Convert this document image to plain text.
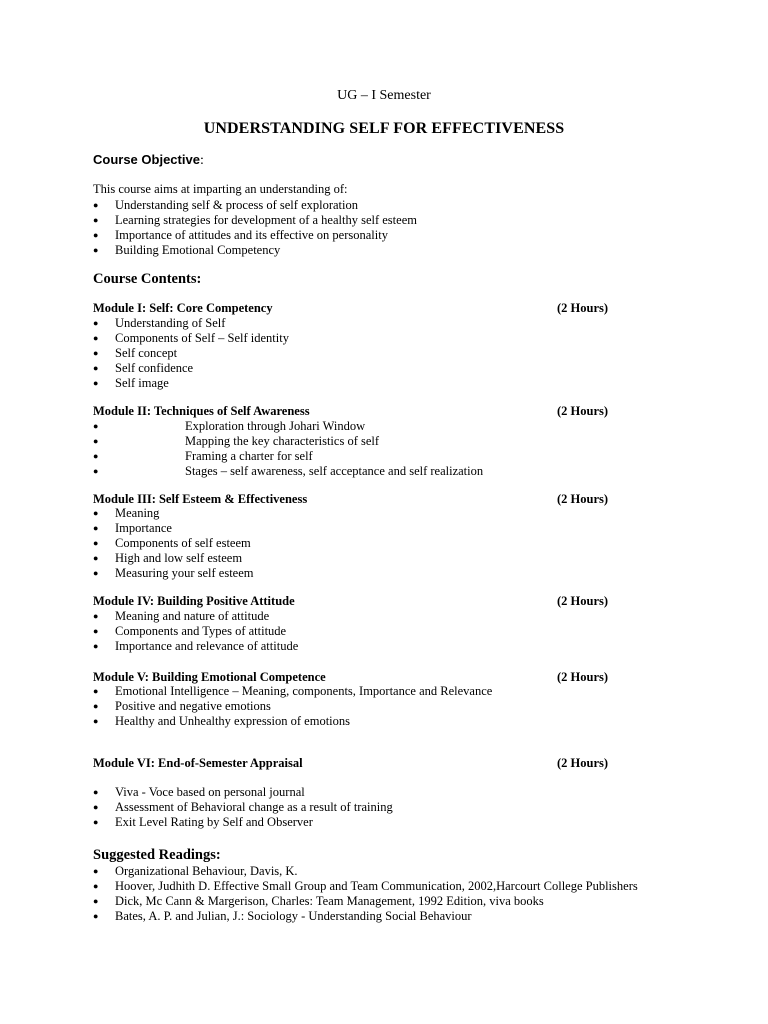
UG – I Semester
UNDERSTANDING SELF FOR EFFECTIVENESS
Course Objective:
This course aims at imparting an understanding of:
● Understanding self & process of self exploration
● Learning strategies for development of a healthy self esteem
● Importance of attitudes and its effective on personality
● Building Emotional Competency
Course Contents:
Module I: Self: Core Competency	(2 Hours)
● Understanding of Self
● Components of Self – Self identity
● Self concept
● Self confidence
● Self image
Module II: Techniques of Self Awareness	(2 Hours)
●	Exploration through Johari Window
●	Mapping the key characteristics of self
●	Framing a charter for self
●	Stages – self awareness, self acceptance and self realization
Module III: Self Esteem & Effectiveness	(2 Hours)
● Meaning
● Importance
● Components of self esteem
● High and low self esteem
● Measuring your self esteem
Module IV: Building Positive Attitude	(2 Hours)
● Meaning and nature of attitude
● Components and Types of attitude
● Importance and relevance of attitude
Module V: Building Emotional Competence	(2 Hours)
● Emotional Intelligence – Meaning, components, Importance and Relevance
● Positive and negative emotions
● Healthy and Unhealthy expression of emotions
Module VI: End-of-Semester Appraisal	(2 Hours)
● Viva - Voce based on personal journal
● Assessment of Behavioral change as a result of training
● Exit Level Rating by Self and Observer
Suggested Readings:
● Organizational Behaviour, Davis, K.
● Hoover, Judhith D. Effective Small Group and Team Communication, 2002,Harcourt College Publishers
● Dick, Mc Cann & Margerison, Charles: Team Management, 1992 Edition, viva books
● Bates, A. P. and Julian, J.: Sociology - Understanding Social Behaviour
